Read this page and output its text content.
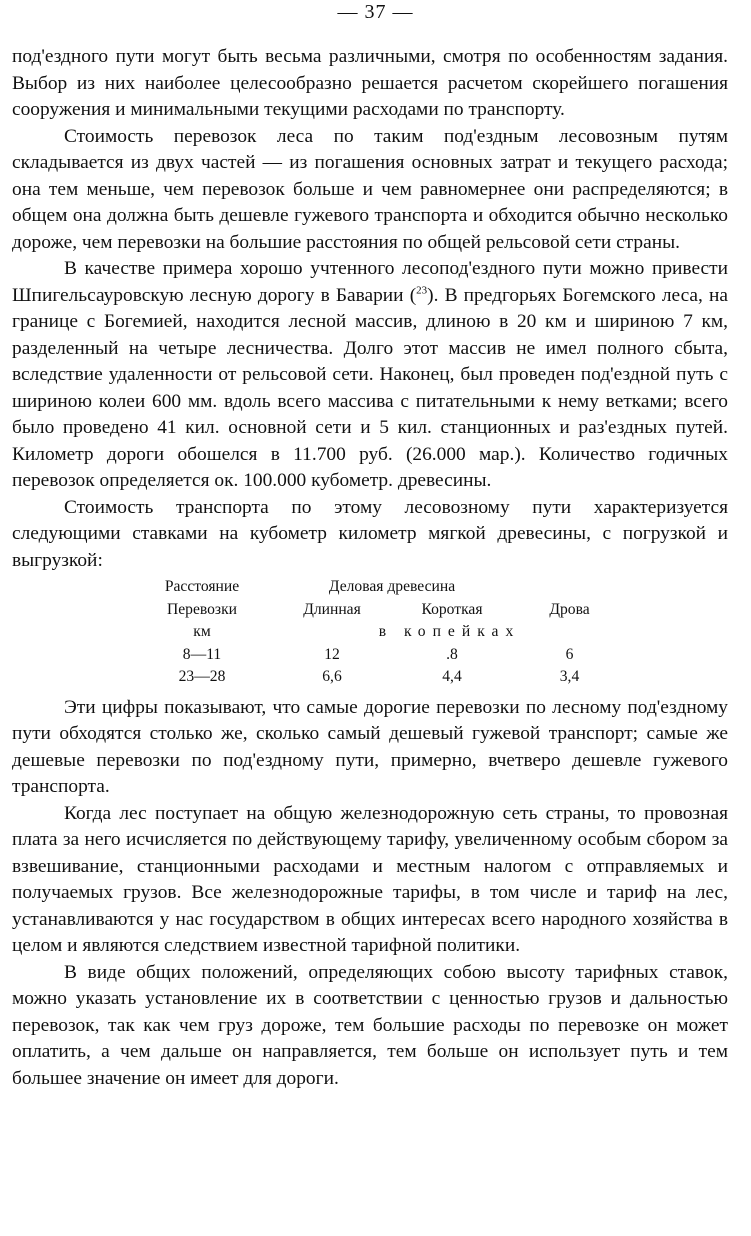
— 37 —

под'ездного пути могут быть весьма различными, смотря по особенностям задания. Выбор из них наиболее целесообразно решается расчетом скорейшего погашения сооружения и минимальными текущими расходами по транспорту.

Стоимость перевозок леса по таким под'ездным лесовозным путям складывается из двух частей — из погашения основных затрат и текущего расхода; она тем меньше, чем перевозок больше и чем равномернее они распределяются; в общем она должна быть дешевле гужевого транспорта и обходится обычно несколько дороже, чем перевозки на большие расстояния по общей рельсовой сети страны.

В качестве примера хорошо учтенного лесопод'ездного пути можно привести Шпигельсауровскую лесную дорогу в Баварии ($^{23}$). В предгорьях Богемского леса, на границе с Богемией, находится лесной массив, длиною в 20 км и шириною 7 км, разделенный на четыре лесничества. Долго этот массив не имел полного сбыта, вследствие удаленности от рельсовой сети. Наконец, был проведен под'ездной путь с шириною колеи 600 мм. вдоль всего массива с питательными к нему ветками; всего было проведено 41 кил. основной сети и 5 кил. станционных и раз'ездных путей. Километр дороги обошелся в 11.700 руб. (26.000 мар.). Количество годичных перевозок определяется ок. 100.000 кубометр. древесины.

Стоимость транспорта по этому лесовозному пути характеризуется следующими ставками на кубометр километр мягкой древесины, с погрузкой и выгрузкой:

	Расстояние	Деловая древесина			
	Перевозки	Длинная	Короткая	Дрова	
	км	в копейках			
	8—11	12	.8	6	
	23—28	6,6	4,4	3,4	

Эти цифры показывают, что самые дорогие перевозки по лесному под'ездному пути обходятся столько же, сколько самый дешевый гужевой транспорт; самые же дешевые перевозки по под'ездному пути, примерно, вчетверо дешевле гужевого транспорта.

Когда лес поступает на общую железнодорожную сеть страны, то провозная плата за него исчисляется по действующему тарифу, увеличенному особым сбором за взвешивание, станционными расходами и местным налогом с отправляемых и получаемых грузов. Все железнодорожные тарифы, в том числе и тариф на лес, устанавливаются у нас государством в общих интересах всего народного хозяйства в целом и являются следствием известной тарифной политики.

В виде общих положений, определяющих собою высоту тарифных ставок, можно указать установление их в соответствии с ценностью грузов и дальностью перевозок, так как чем груз дороже, тем большие расходы по перевозке он может оплатить, а чем дальше он направляется, тем больше он использует путь и тем большее значение он имеет для дороги.
